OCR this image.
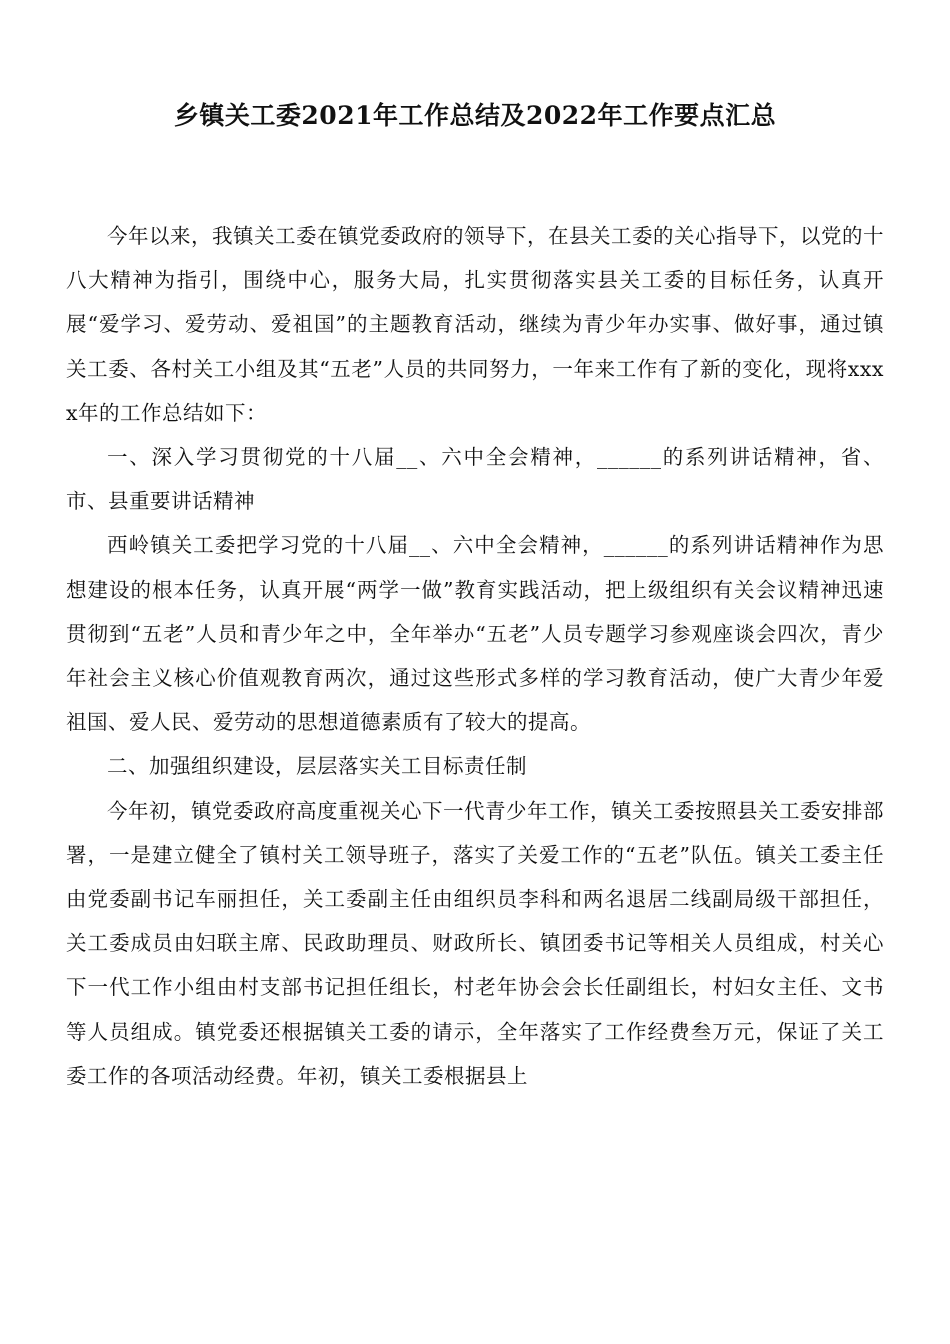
乡镇关工委2021年工作总结及2022年工作要点汇总

今年以来，我镇关工委在镇党委政府的领导下，在县关工委的关心指导下，以党的十八大精神为指引，围绕中心，服务大局，扎实贯彻落实县关工委的目标任务，认真开展“爱学习、爱劳动、爱祖国”的主题教育活动，继续为青少年办实事、做好事，通过镇关工委、各村关工小组及其“五老”人员的共同努力，一年来工作有了新的变化，现将xxxx年的工作总结如下：

一、深入学习贯彻党的十八届__、六中全会精神，______的系列讲话精神，省、市、县重要讲话精神

西岭镇关工委把学习党的十八届__、六中全会精神，______的系列讲话精神作为思想建设的根本任务，认真开展“两学一做”教育实践活动，把上级组织有关会议精神迅速贯彻到“五老”人员和青少年之中，全年举办“五老”人员专题学习参观座谈会四次，青少年社会主义核心价值观教育两次，通过这些形式多样的学习教育活动，使广大青少年爱祖国、爱人民、爱劳动的思想道德素质有了较大的提高。

二、加强组织建设，层层落实关工目标责任制

今年初，镇党委政府高度重视关心下一代青少年工作，镇关工委按照县关工委安排部署，一是建立健全了镇村关工领导班子，落实了关爱工作的“五老”队伍。镇关工委主任由党委副书记车丽担任，关工委副主任由组织员李科和两名退居二线副局级干部担任，关工委成员由妇联主席、民政助理员、财政所长、镇团委书记等相关人员组成，村关心下一代工作小组由村支部书记担任组长，村老年协会会长任副组长，村妇女主任、文书等人员组成。镇党委还根据镇关工委的请示，全年落实了工作经费叁万元，保证了关工委工作的各项活动经费。年初，镇关工委根据县上
